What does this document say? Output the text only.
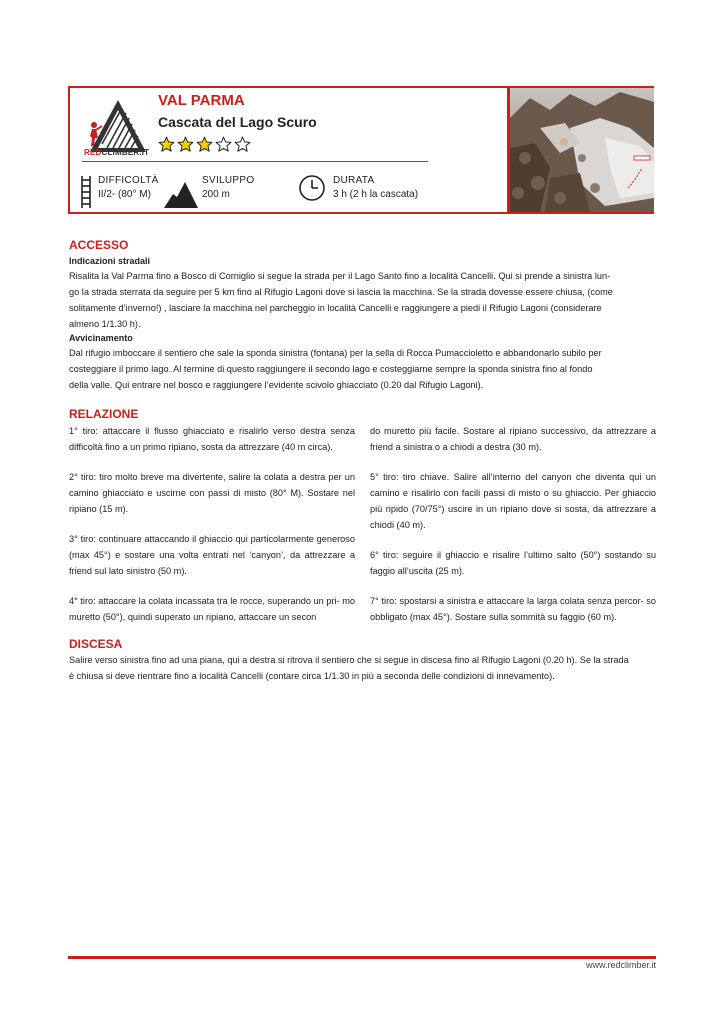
REDCLIMBER.IT
VAL PARMA
Cascata del Lago Scuro
DIFFICOLTÀ
II/2- (80° M)
SVILUPPO
200 m
DURATA
3 h (2 h la cascata)
ACCESSO
Indicazioni stradali
Risalita la Val Parma fino a Bosco di Corniglio si segue la strada per il Lago Santo fino a località Cancelli. Qui si prende a sinistra lun-
go la strada sterrata da seguire per 5 km fino al Rifugio Lagoni dove si lascia la macchina. Se la strada dovesse essere chiusa, (come
solitamente d’inverno!) , lasciare la macchina nel parcheggio in località Cancelli e raggiungere a piedi il Rifugio Lagoni (considerare
almeno 1/1.30 h).
Avvicinamento
Dal rifugio imboccare il sentiero che sale la sponda sinistra (fontana) per la sella di Rocca Pumaccioletto e abbandonarlo subilo per
costeggiare il primo lago. Al termine di questo raggiungere il secondo lago e costeggiarne sempre la sponda sinistra fino al fondo
della valle. Qui entrare nel bosco e raggiungere l’evidente scivolo ghiacciato (0.20 dal Rifugio Lagoni).
RELAZIONE

1° tiro: attaccare il flusso ghiacciato e risalirlo verso destra senza difficoltà fino a un primo ripiano, sosta da attrezzare (40 m circa).

2° tiro: tiro molto breve ma divertente, salire la colata a destra per un camino ghiacciato e uscirne con passi di misto (80° M). Sostare nel ripiano (15 m).

3° tiro: continuare attaccando il ghiaccio qui particolarmente generoso (max 45°) e sostare una volta entrati nel ‘canyon’, da attrezzare a friend sul lato sinistro (50 m).

4° tiro: attaccare la colata incassata tra le rocce, superando un pri- mo muretto (50°), quindi superato un ripiano, attaccare un secon

do muretto più facile. Sostare al ripiano successivo, da attrezzare a friend a sinistra o a chiodi a destra (30 m).

5° tiro: tiro chiave. Salire all’interno del canyon che diventa qui un camino e risalirlo con facili passi di misto o su ghiaccio. Per ghiaccio più ripido (70/75°) uscire in un ripiano dove si sosta, da attrezzare a chiodi (40 m).

6° tiro: seguire il ghiaccio e risalire l’ultimo salto (50°) sostando su faggio all’uscita (25 m).

7° tiro: spostarsi a sinistra e attaccare la larga colata senza percor- so obbligato (max 45°). Sostare sulla sommità su faggio (60 m).

DISCESA
Salire verso sinistra fino ad una piana, qui a destra si ritrova il sentiero che si segue in discesa fino al Rifugio Lagoni (0.20 h). Se la strada
è chiusa si deve rientrare fino a località Cancelli (contare circa 1/1.30 in più a seconda delle condizioni di innevamento).
www.redclimber.it
